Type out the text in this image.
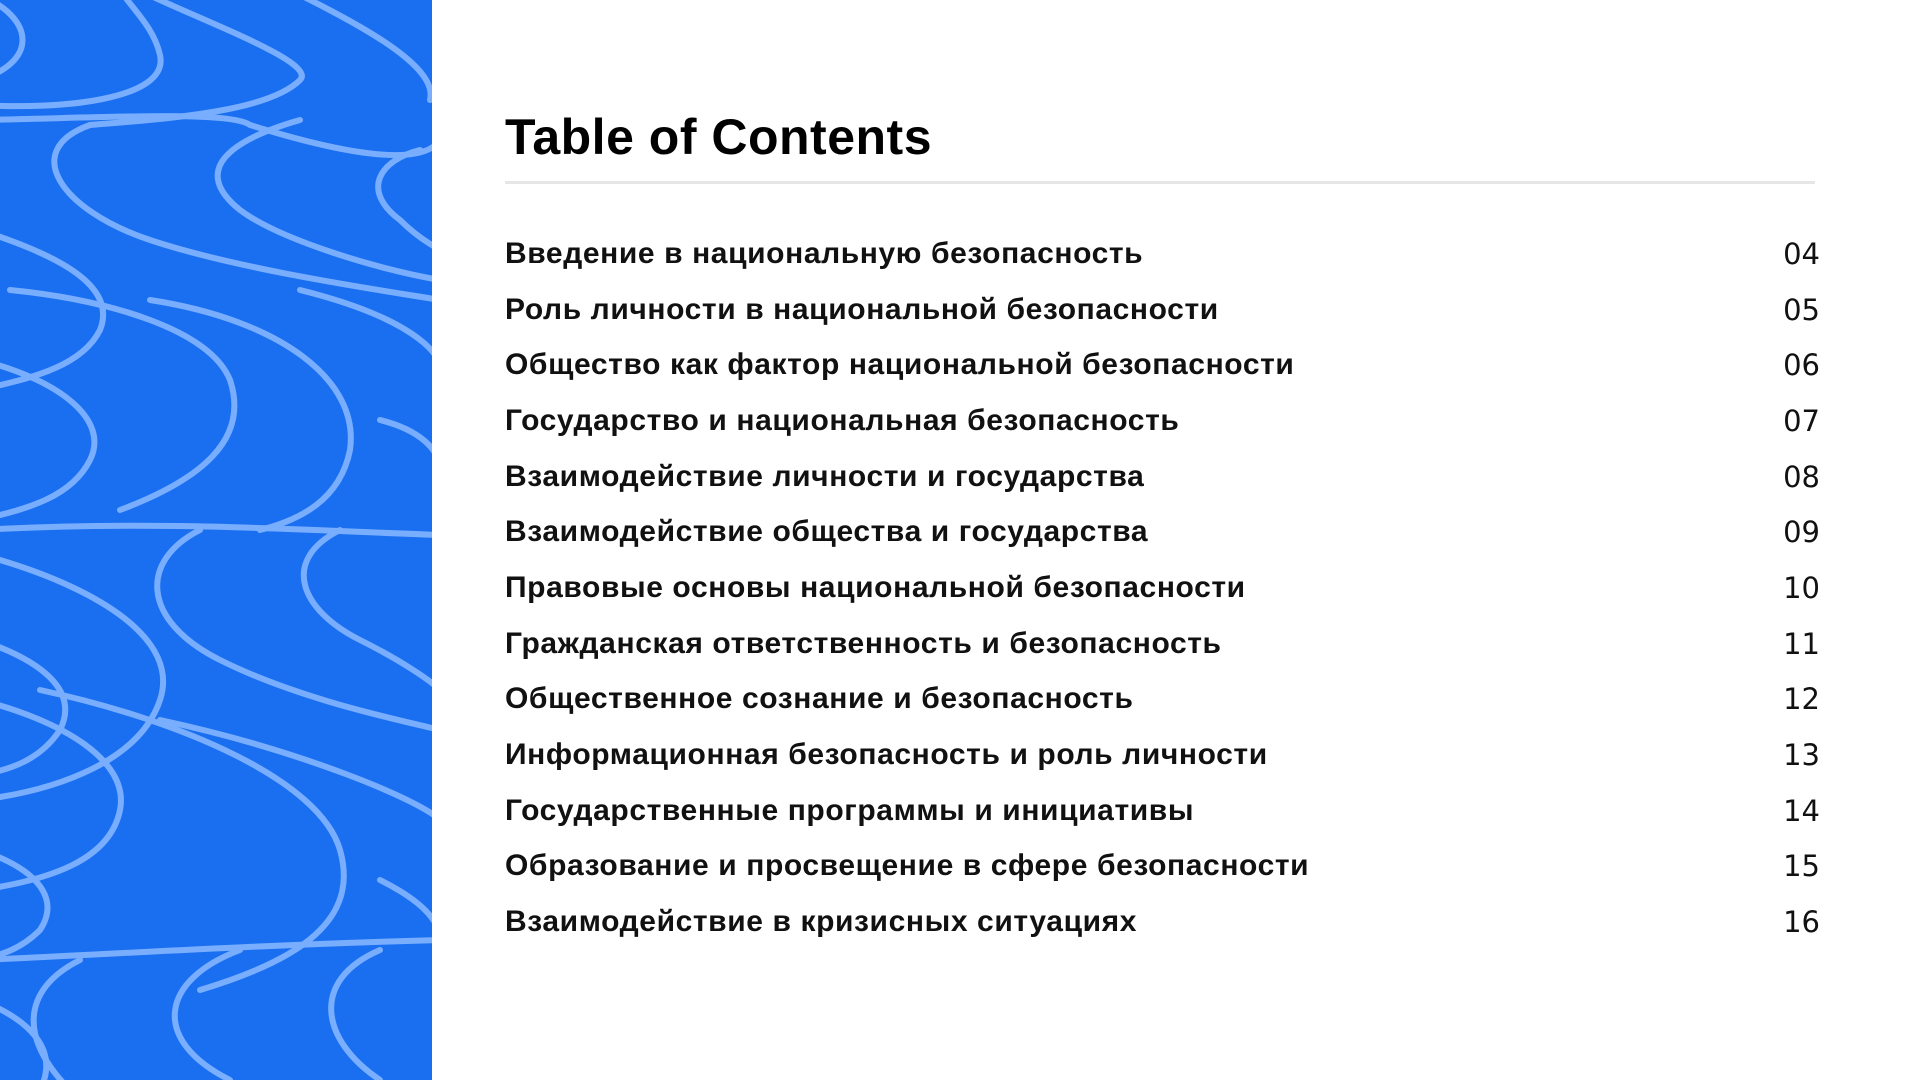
Table of Contents
Введение в национальную безопасность	04
Роль личности в национальной безопасности	05
Общество как фактор национальной безопасности	06
Государство и национальная безопасность	07
Взаимодействие личности и государства	08
Взаимодействие общества и государства	09
Правовые основы национальной безопасности	10
Гражданская ответственность и безопасность	11
Общественное сознание и безопасность	12
Информационная безопасность и роль личности	13
Государственные программы и инициативы	14
Образование и просвещение в сфере безопасности	15
Взаимодействие в кризисных ситуациях	16
